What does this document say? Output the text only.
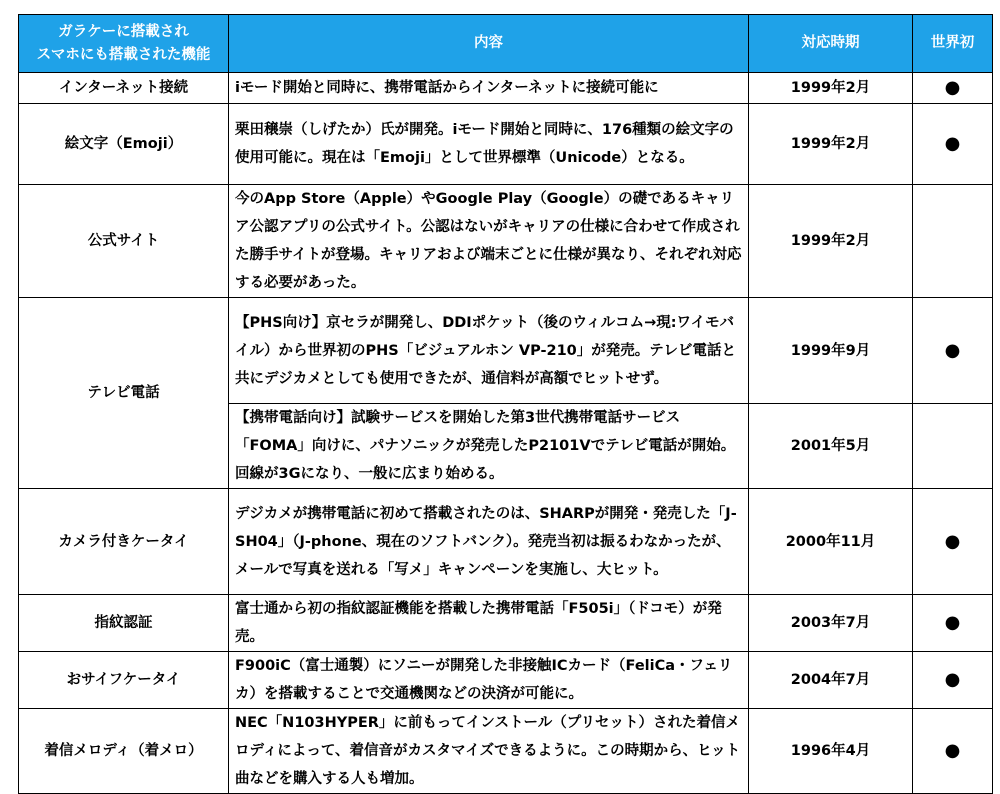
ガラケーに搭載され
スマホにも搭載された機能	内容	対応時期	世界初
インターネット接続	iモード開始と同時に、携帯電話からインターネットに接続可能に	1999年2月	●
絵文字（Emoji）	栗田穣崇（しげたか）氏が開発。iモード開始と同時に、176種類の絵文字の使用可能に。現在は「Emoji」として世界標準（Unicode）となる。	1999年2月	●
公式サイト	今のApp Store（Apple）やGoogle Play（Google）の礎であるキャリア公認アプリの公式サイト。公認はないがキャリアの仕様に合わせて作成された勝手サイトが登場。キャリアおよび端末ごとに仕様が異なり、それぞれ対応する必要があった。	1999年2月	
テレビ電話	【PHS向け】京セラが開発し、DDIポケット（後のウィルコム→現:ワイモバイル）から世界初のPHS「ビジュアルホン VP-210」が発売。テレビ電話と共にデジカメとしても使用できたが、通信料が高額でヒットせず。	1999年9月	●
	【携帯電話向け】試験サービスを開始した第3世代携帯電話サービス「FOMA」向けに、パナソニックが発売したP2101Vでテレビ電話が開始。回線が3Gになり、一般に広まり始める。	2001年5月	
カメラ付きケータイ	デジカメが携帯電話に初めて搭載されたのは、SHARPが開発・発売した「J-SH04」（J-phone、現在のソフトバンク）。発売当初は振るわなかったが、メールで写真を送れる「写メ」キャンペーンを実施し、大ヒット。	2000年11月	●
指紋認証	富士通から初の指紋認証機能を搭載した携帯電話「F505i」（ドコモ）が発売。	2003年7月	●
おサイフケータイ	F900iC（富士通製）にソニーが開発した非接触ICカード（FeliCa・フェリカ）を搭載することで交通機関などの決済が可能に。	2004年7月	●
着信メロディ（着メロ）	NEC「N103HYPER」に前もってインストール（プリセット）された着信メロディによって、着信音がカスタマイズできるように。この時期から、ヒット曲などを購入する人も増加。	1996年4月	●
